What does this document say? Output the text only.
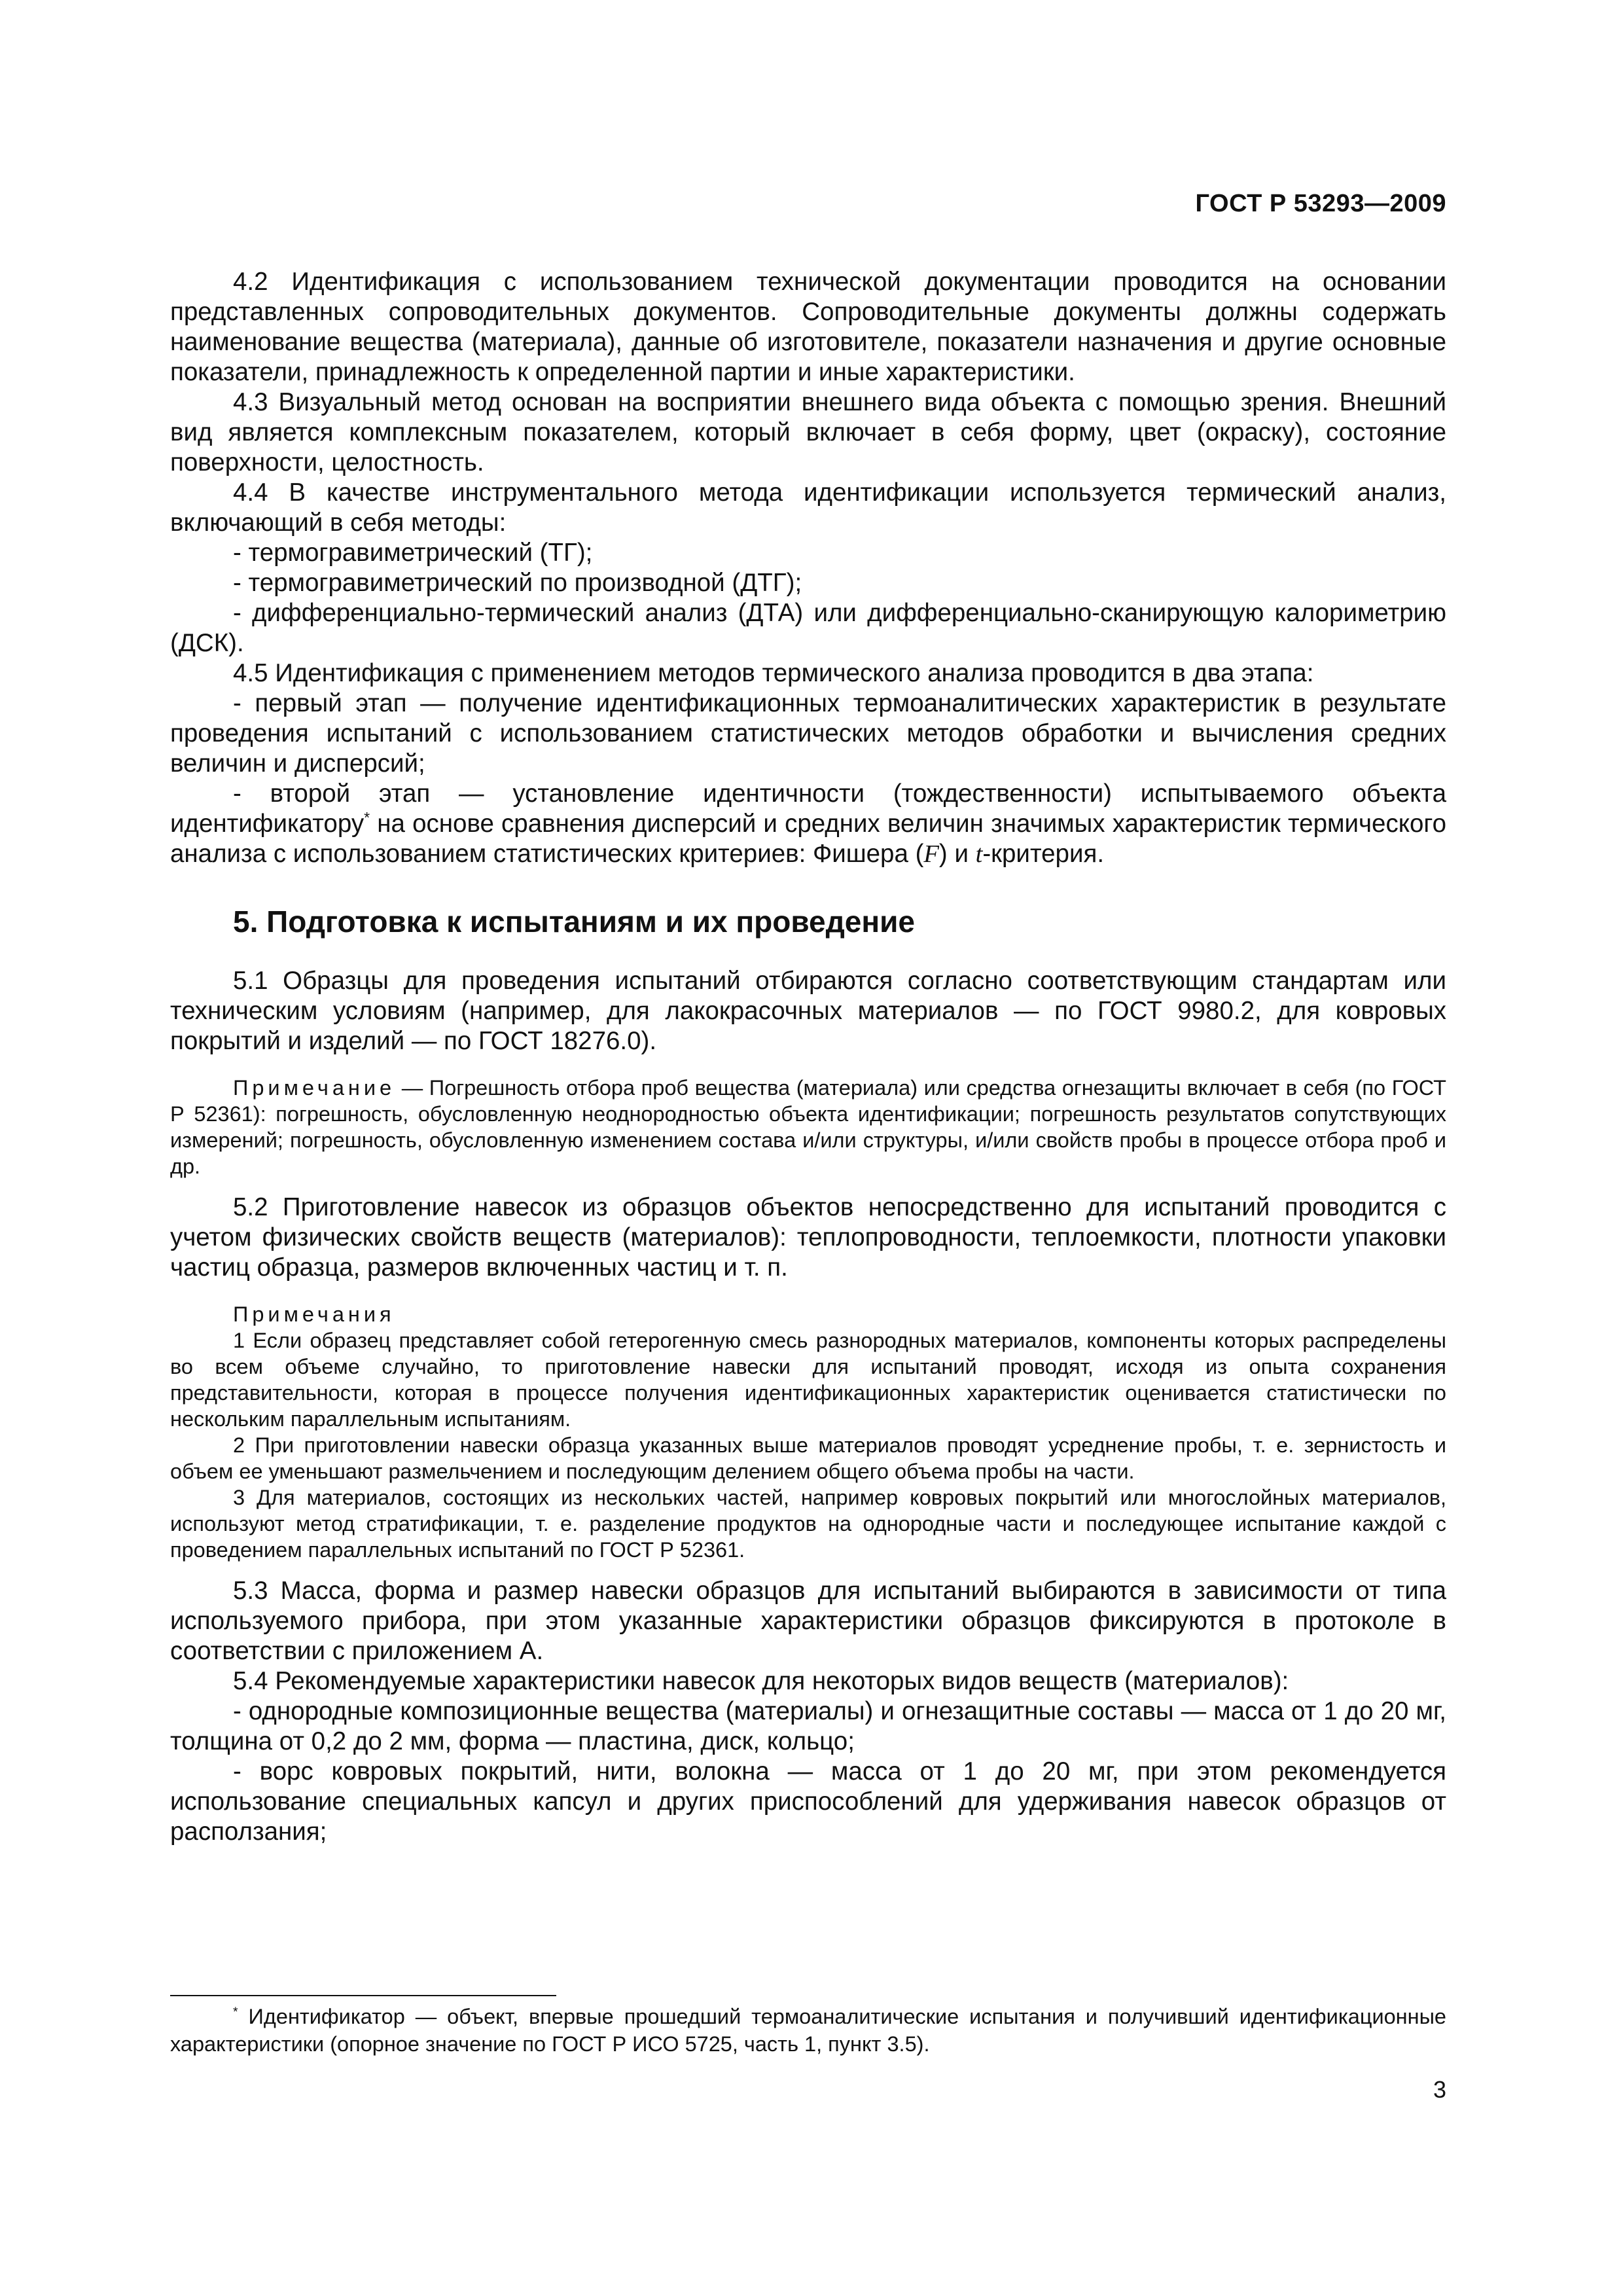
ГОСТ Р 53293—2009

4.2 Идентификация с использованием технической документации проводится на основании представленных сопроводительных документов. Сопроводительные документы должны содержать наименование вещества (материала), данные об изготовителе, показатели назначения и другие основные показатели, принадлежность к определенной партии и иные характеристики.

4.3 Визуальный метод основан на восприятии внешнего вида объекта с помощью зрения. Внешний вид является комплексным показателем, который включает в себя форму, цвет (окраску), состояние поверхности, целостность.

4.4 В качестве инструментального метода идентификации используется термический анализ, включающий в себя методы:

- термогравиметрический (ТГ);

- термогравиметрический по производной (ДТГ);

- дифференциально-термический анализ (ДТА) или дифференциально-сканирующую калориметрию (ДСК).

4.5 Идентификация с применением методов термического анализа проводится в два этапа:

- первый этап — получение идентификационных термоаналитических характеристик в результате проведения испытаний с использованием статистических методов обработки и вычисления средних величин и дисперсий;

- второй этап — установление идентичности (тождественности) испытываемого объекта идентификатору* на основе сравнения дисперсий и средних величин значимых характеристик термического анализа с использованием статистических критериев: Фишера (F) и t-критерия.

5. Подготовка к испытаниям и их проведение

5.1 Образцы для проведения испытаний отбираются согласно соответствующим стандартам или техническим условиям (например, для лакокрасочных материалов — по ГОСТ 9980.2, для ковровых покрытий и изделий — по ГОСТ 18276.0).

Примечание — Погрешность отбора проб вещества (материала) или средства огнезащиты включает в себя (по ГОСТ Р 52361): погрешность, обусловленную неоднородностью объекта идентификации; погрешность результатов сопутствующих измерений; погрешность, обусловленную изменением состава и/или структуры, и/или свойств пробы в процессе отбора проб и др.

5.2 Приготовление навесок из образцов объектов непосредственно для испытаний проводится с учетом физических свойств веществ (материалов): теплопроводности, теплоемкости, плотности упаковки частиц образца, размеров включенных частиц и т. п.

Примечания

1 Если образец представляет собой гетерогенную смесь разнородных материалов, компоненты которых распределены во всем объеме случайно, то приготовление навески для испытаний проводят, исходя из опыта сохранения представительности, которая в процессе получения идентификационных характеристик оценивается статистически по нескольким параллельным испытаниям.

2 При приготовлении навески образца указанных выше материалов проводят усреднение пробы, т. е. зернистость и объем ее уменьшают размельчением и последующим делением общего объема пробы на части.

3 Для материалов, состоящих из нескольких частей, например ковровых покрытий или многослойных материалов, используют метод стратификации, т. е. разделение продуктов на однородные части и последующее испытание каждой с проведением параллельных испытаний по ГОСТ Р 52361.

5.3 Масса, форма и размер навески образцов для испытаний выбираются в зависимости от типа используемого прибора, при этом указанные характеристики образцов фиксируются в протоколе в соответствии с приложением А.

5.4 Рекомендуемые характеристики навесок для некоторых видов веществ (материалов):

- однородные композиционные вещества (материалы) и огнезащитные составы — масса от 1 до 20 мг, толщина от 0,2 до 2 мм, форма — пластина, диск, кольцо;

- ворс ковровых покрытий, нити, волокна — масса от 1 до 20 мг, при этом рекомендуется использование специальных капсул и других приспособлений для удерживания навесок образцов от расползания;

* Идентификатор — объект, впервые прошедший термоаналитические испытания и получивший идентификационные характеристики (опорное значение по ГОСТ Р ИСО 5725, часть 1, пункт 3.5).

3
